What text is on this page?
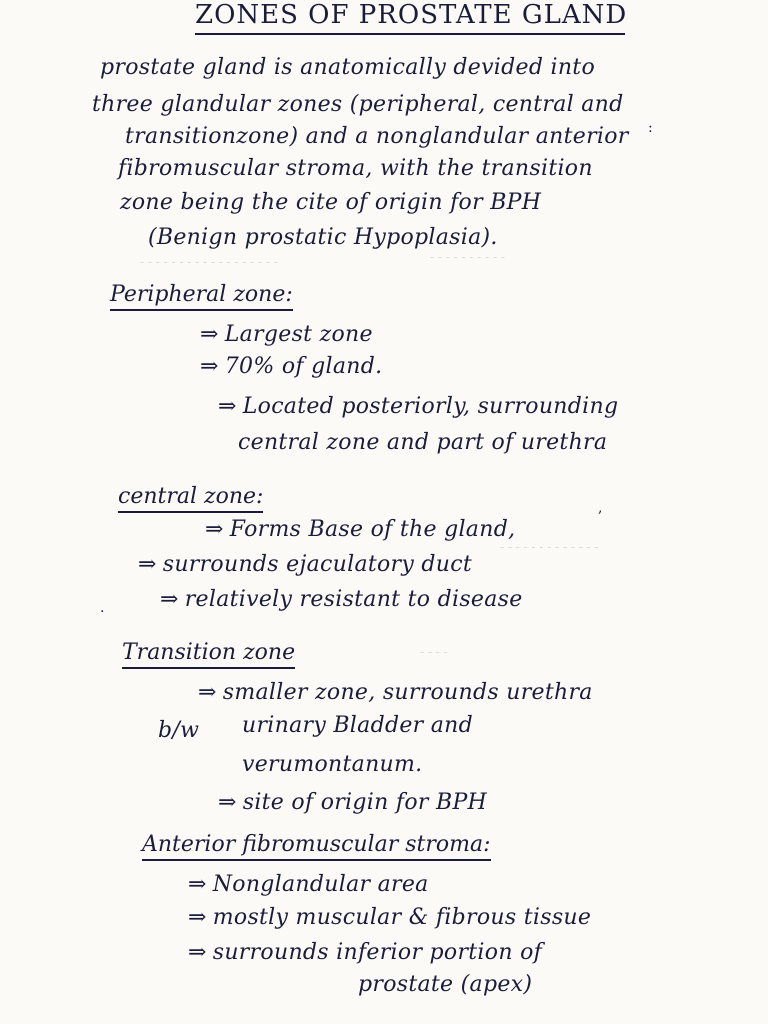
- - - - - - - - - - - - - - - - - -	- - - - - - - - - -
- - - - - - - - - - - - -
- - - -
ZONES OF PROSTATE GLAND
prostate gland is anatomically devided into
three glandular zones (peripheral, central and
transitionzone) and a nonglandular anterior
fibromuscular stroma, with the transition
zone being the cite of origin for BPH
(Benign prostatic Hypoplasia).
Peripheral zone:
⇒ Largest zone
⇒ 70% of gland.
⇒ Located posteriorly, surrounding
central zone and part of urethra
central zone:
⇒ Forms Base of the gland,
⇒ surrounds ejaculatory duct
⇒ relatively resistant to disease
Transition zone
⇒ smaller zone, surrounds urethra
b/w urinary Bladder and
verumontanum.
⇒ site of origin for BPH
Anterior fibromuscular stroma:
⇒ Nonglandular area
⇒ mostly muscular & fibrous tissue
⇒ surrounds inferior portion of
prostate (apex)
:
.
,
